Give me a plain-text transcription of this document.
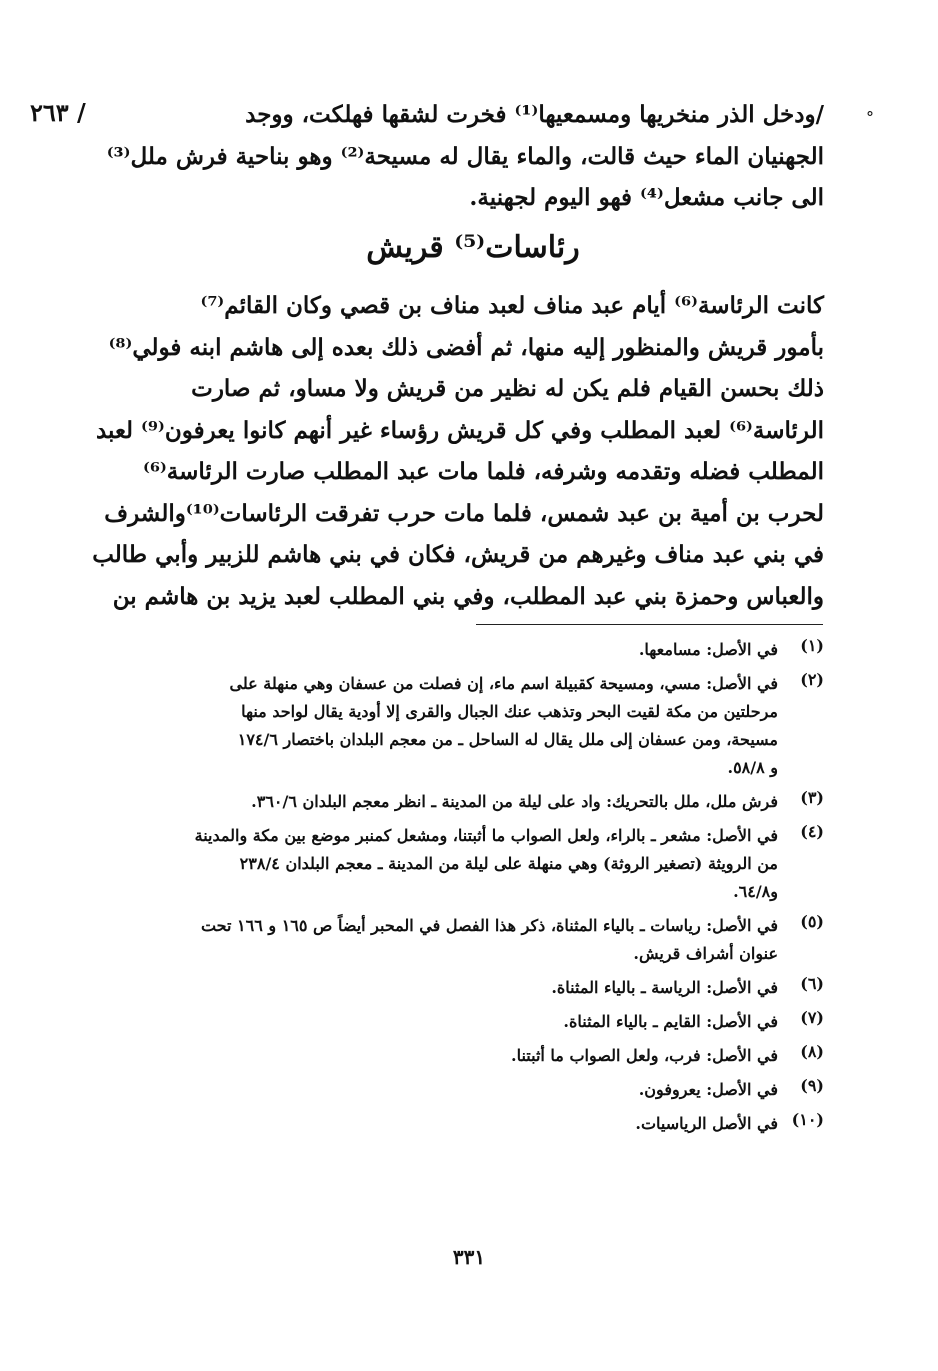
°
/ ٢٦٣	/ودخل الذر منخريها ومسمعيها⁽¹⁾ فخرت لشقها فهلكت، ووجد
الجهنيان الماء حيث قالت، والماء يقال له مسيحة⁽²⁾ وهو بناحية فرش ملل⁽³⁾
الى جانب مشعل⁽⁴⁾ فهو اليوم لجهنية.
رئاسات⁽⁵⁾ قريش
كانت الرئاسة⁽⁶⁾ أيام عبد مناف لعبد مناف بن قصي وكان القائم⁽⁷⁾
بأمور قريش والمنظور إليه منها، ثم أفضى ذلك بعده إلى هاشم ابنه فولي⁽⁸⁾
ذلك بحسن القيام فلم يكن له نظير من قريش ولا مساو، ثم صارت
الرئاسة⁽⁶⁾ لعبد المطلب وفي كل قريش رؤساء غير أنهم كانوا يعرفون⁽⁹⁾ لعبد
المطلب فضله وتقدمه وشرفه، فلما مات عبد المطلب صارت الرئاسة⁽⁶⁾
لحرب بن أمية بن عبد شمس، فلما مات حرب تفرقت الرئاسات⁽¹⁰⁾والشرف
في بني عبد مناف وغيرهم من قريش، فكان في بني هاشم للزبير وأبي طالب
والعباس وحمزة بني عبد المطلب، وفي بني المطلب لعبد يزيد بن هاشم بن
(١)
في الأصل: مسامعها.
(٢)
في الأصل: مسي، ومسيحة كقبيلة اسم ماء، إن فصلت من عسفان وهي منهلة على
مرحلتين من مكة لقيت البحر وتذهب عنك الجبال والقرى إلا أودية يقال لواحد منها
مسيحة، ومن عسفان إلى ملل يقال له الساحل ـ من معجم البلدان باختصار ١٧٤/٦
و ٥٨/٨.
(٣)
فرش ملل، ملل بالتحريك: واد على ليلة من المدينة ـ انظر معجم البلدان ٣٦٠/٦.
(٤)
في الأصل: مشعر ـ بالراء، ولعل الصواب ما أثبتنا، ومشعل كمنبر موضع بين مكة والمدينة
من الرويثة (تصغير الروثة) وهي منهلة على ليلة من المدينة ـ معجم البلدان ٢٣٨/٤
و٦٤/٨.
(٥)
في الأصل: رياسات ـ بالياء المثناة، ذكر هذا الفصل في المحبر أيضاً ص ١٦٥ و ١٦٦ تحت
عنوان أشراف قريش.
(٦)
في الأصل: الرياسة ـ بالياء المثناة.
(٧)
في الأصل: القايم ـ بالياء المثناة.
(٨)
في الأصل: فرب، ولعل الصواب ما أثبتنا.
(٩)
في الأصل: يعروفون.
(١٠)
في الأصل الرياسيات.
٣٣١
